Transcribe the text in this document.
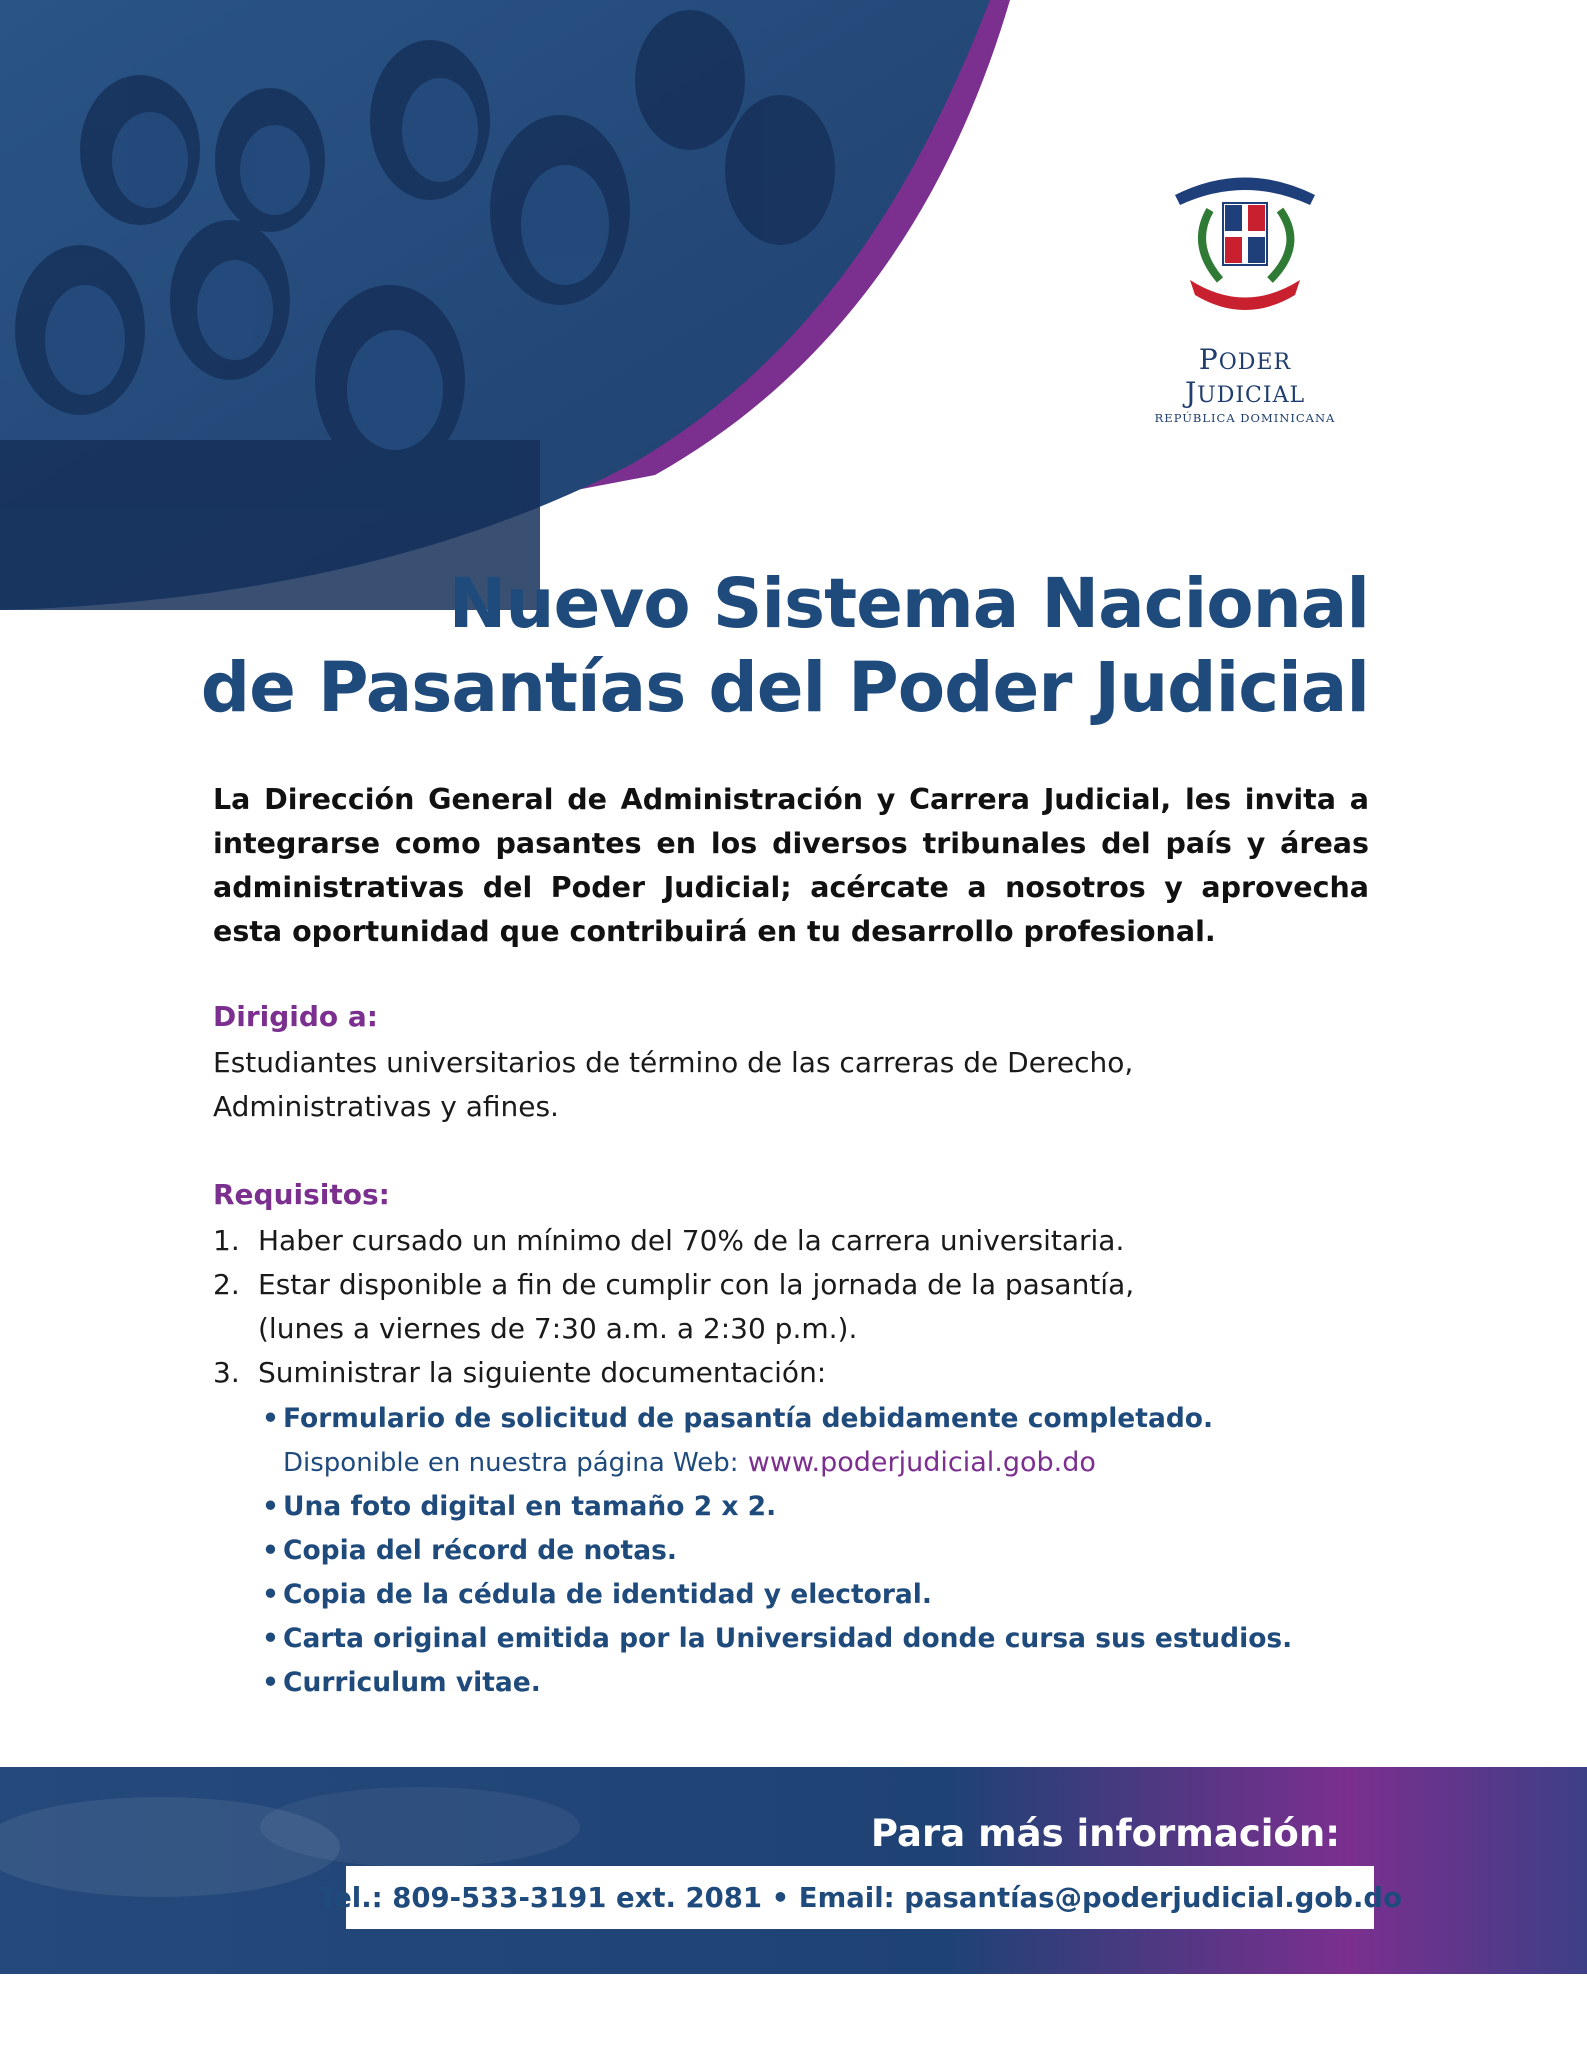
PODER JUDICIAL
REPÚBLICA DOMINICANA
Nuevo Sistema Nacional
de Pasantías del Poder Judicial
La Dirección General de Administración y Carrera Judicial, les invita a integrarse como pasantes en los diversos tribunales del país y áreas administrativas del Poder Judicial; acércate a nosotros y aprovecha esta oportunidad que contribuirá en tu desarrollo profesional.
Dirigido a:
Estudiantes universitarios de término de las carreras de Derecho, Administrativas y afines.
Requisitos:
1. Haber cursado un mínimo del 70% de la carrera universitaria.
2. Estar disponible a fin de cumplir con la jornada de la pasantía,
(lunes a viernes de 7:30 a.m. a 2:30 p.m.).
3. Suministrar la siguiente documentación:
• Formulario de solicitud de pasantía debidamente completado. Disponible en nuestra página Web: www.poderjudicial.gob.do
• Una foto digital en tamaño 2 x 2.
• Copia del récord de notas.
• Copia de la cédula de identidad y electoral.
• Carta original emitida por la Universidad donde cursa sus estudios.
• Curriculum vitae.
Para más información:
Tel.: 809-533-3191 ext. 2081 • Email: pasantías@poderjudicial.gob.do
